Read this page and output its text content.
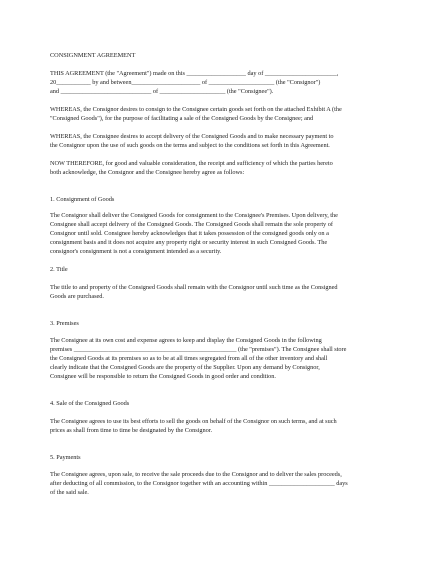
CONSIGNMENT AGREEMENT

THIS AGREEMENT (the "Agreement") made on this ___________________ day of _______________________,

20___________ by and between______________________ of _____________________ (the "Consignor")

and _____________________________ of _____________________ (the "Consignee").

WHEREAS, the Consignor desires to consign to the Consignee certain goods set forth on the attached Exhibit A (the

"Consigned Goods"), for the purpose of facilitating a sale of the Consigned Goods by the Consignee; and

WHEREAS, the Consignee desires to accept delivery of the Consigned Goods and to make necessary payment to

the Consignor upon the use of such goods on the terms and subject to the conditions set forth in this Agreement.

NOW THEREFORE, for good and valuable consideration, the receipt and sufficiency of which the parties hereto

both acknowledge, the Consignor and the Consignee hereby agree as follows:

1. Consignment of Goods

The Consignor shall deliver the Consigned Goods for consignment to the Consignee's Premises. Upon delivery, the

Consignee shall accept delivery of the Consigned Goods. The Consigned Goods shall remain the sole property of

Consignor until sold. Consignee hereby acknowledges that it takes possession of the consigned goods only on a

consignment basis and it does not acquire any property right or security interest in such Consigned Goods. The

consignor's consignment is not a consignment intended as a security.

2. Title

The title to and property of the Consigned Goods shall remain with the Consignor until such time as the Consigned

Goods are purchased.

3. Premises

The Consignee at its own cost and expense agrees to keep and display the Consigned Goods in the following

premises ____________________________________________________ (the "premises"). The Consignee shall store

the Consigned Goods at its premises so as to be at all times segregated from all of the other inventory and shall

clearly indicate that the Consigned Goods are the property of the Supplier. Upon any demand by Consignor,

Consignee will be responsible to return the Consigned Goods in good order and condition.

4. Sale of the Consigned Goods

The Consignee agrees to use its best efforts to sell the goods on behalf of the Consignor on such terms, and at such

prices as shall from time to time be designated by the Consignor.

5. Payments

The Consignee agrees, upon sale, to receive the sale proceeds due to the Consignor and to deliver the sales proceeds,

after deducting of all commission, to the Consignor together with an accounting within _____________________ days

of the said sale.
